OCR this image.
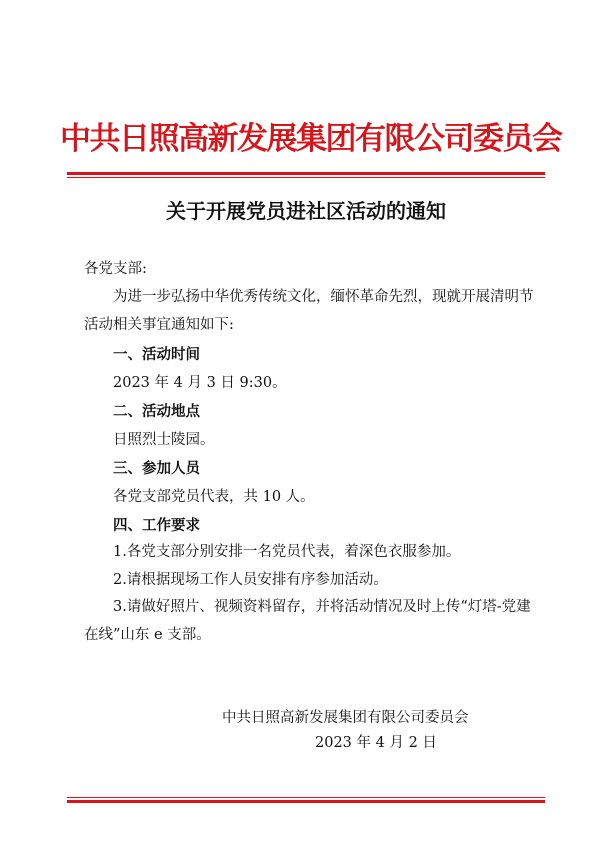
中共日照高新发展集团有限公司委员会
关于开展党员进社区活动的通知
各党支部:
为进一步弘扬中华优秀传统文化，缅怀革命先烈，现就开展清明节活动相关事宜通知如下:
一、活动时间
2023 年 4 月 3 日 9:30。
二、活动地点
日照烈士陵园。
三、参加人员
各党支部党员代表，共 10 人。
四、工作要求
1.各党支部分别安排一名党员代表，着深色衣服参加。
2.请根据现场工作人员安排有序参加活动。
3.请做好照片、视频资料留存，并将活动情况及时上传“灯塔-党建在线”山东 e 支部。
中共日照高新发展集团有限公司委员会
2023 年 4 月 2 日
